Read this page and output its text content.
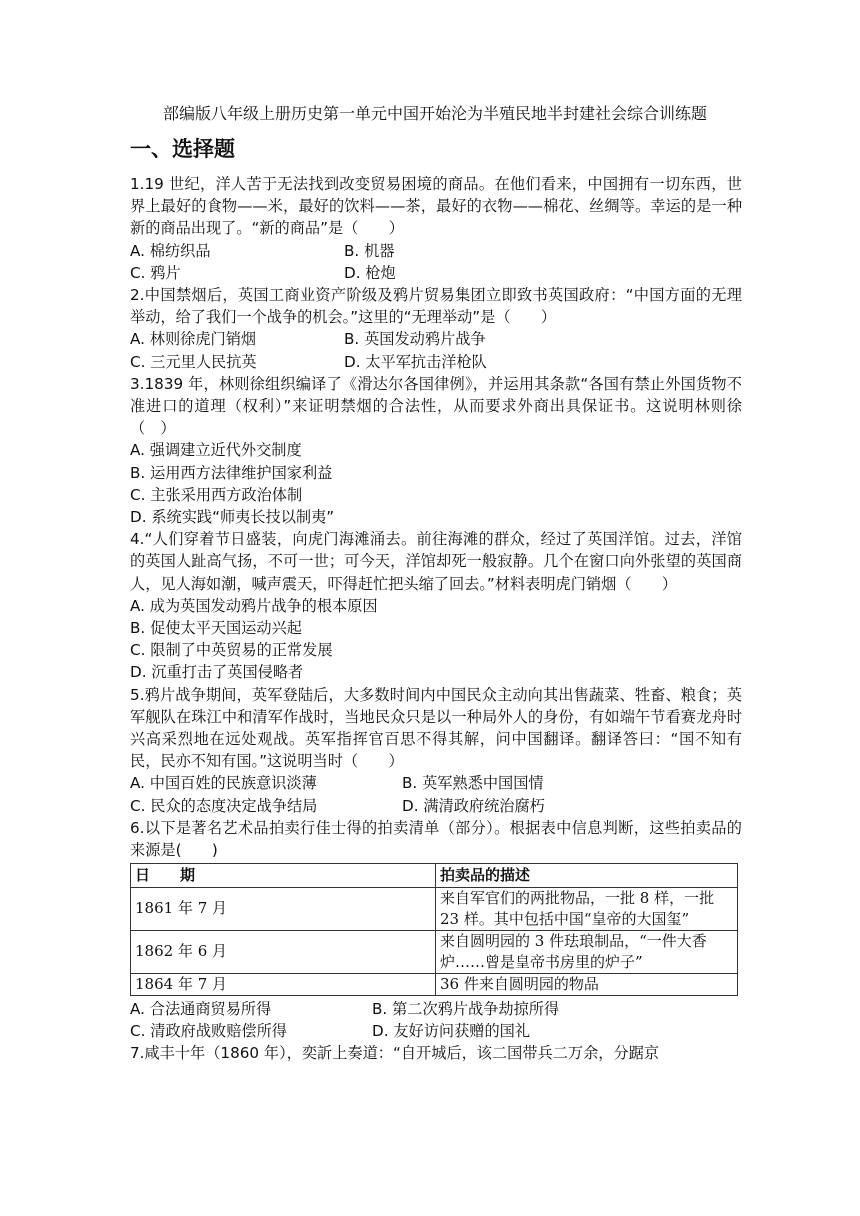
部编版八年级上册历史第一单元中国开始沦为半殖民地半封建社会综合训练题
一、选择题

1.19 世纪，洋人苦于无法找到改变贸易困境的商品。在他们看来，中国拥有一切东西，世界上最好的食物——米，最好的饮料——茶，最好的衣物——棉花、丝绸等。幸运的是一种新的商品出现了。“新的商品”是（　　）

A. 棉纺织品	B. 机器
C. 鸦片	D. 枪炮

2.中国禁烟后，英国工商业资产阶级及鸦片贸易集团立即致书英国政府：“中国方面的无理举动，给了我们一个战争的机会。”这里的“无理举动”是（　　）

A. 林则徐虎门销烟	B. 英国发动鸦片战争
C. 三元里人民抗英	D. 太平军抗击洋枪队

3.1839 年，林则徐组织编译了《滑达尔各国律例》，并运用其条款“各国有禁止外国货物不准进口的道理（权利）”来证明禁烟的合法性，从而要求外商出具保证书。这说明林则徐（　）

A. 强调建立近代外交制度

B. 运用西方法律维护国家利益

C. 主张采用西方政治体制

D. 系统实践“师夷长技以制夷”

4.“人们穿着节日盛装，向虎门海滩涌去。前往海滩的群众，经过了英国洋馆。过去，洋馆的英国人趾高气扬，不可一世；可今天，洋馆却死一般寂静。几个在窗口向外张望的英国商人，见人海如潮，喊声震天，吓得赶忙把头缩了回去。”材料表明虎门销烟（　　）

A. 成为英国发动鸦片战争的根本原因

B. 促使太平天国运动兴起

C. 限制了中英贸易的正常发展

D. 沉重打击了英国侵略者

5.鸦片战争期间，英军登陆后，大多数时间内中国民众主动向其出售蔬菜、牲畜、粮食；英军舰队在珠江中和清军作战时，当地民众只是以一种局外人的身份，有如端午节看赛龙舟时兴高采烈地在远处观战。英军指挥官百思不得其解，问中国翻译。翻译答曰：“国不知有民，民亦不知有国。”这说明当时（　　）

A. 中国百姓的民族意识淡薄	B. 英军熟悉中国国情
C. 民众的态度决定战争结局	D. 满清政府统治腐朽

6.以下是著名艺术品拍卖行佳士得的拍卖清单（部分）。根据表中信息判断，这些拍卖品的来源是(　　)

日　　期	拍卖品的描述
1861 年 7 月	来自军官们的两批物品，一批 8 样，一批 23 样。其中包括中国“皇帝的大国玺”
1862 年 6 月	来自圆明园的 3 件珐琅制品，“一件大香炉……曾是皇帝书房里的炉子”
1864 年 7 月	36 件来自圆明园的物品
A. 合法通商贸易所得	B. 第二次鸦片战争劫掠所得
C. 清政府战败赔偿所得	D. 友好访问获赠的国礼

7.咸丰十年（1860 年），奕訢上奏道：“自开城后，该二国带兵二万余，分踞京
